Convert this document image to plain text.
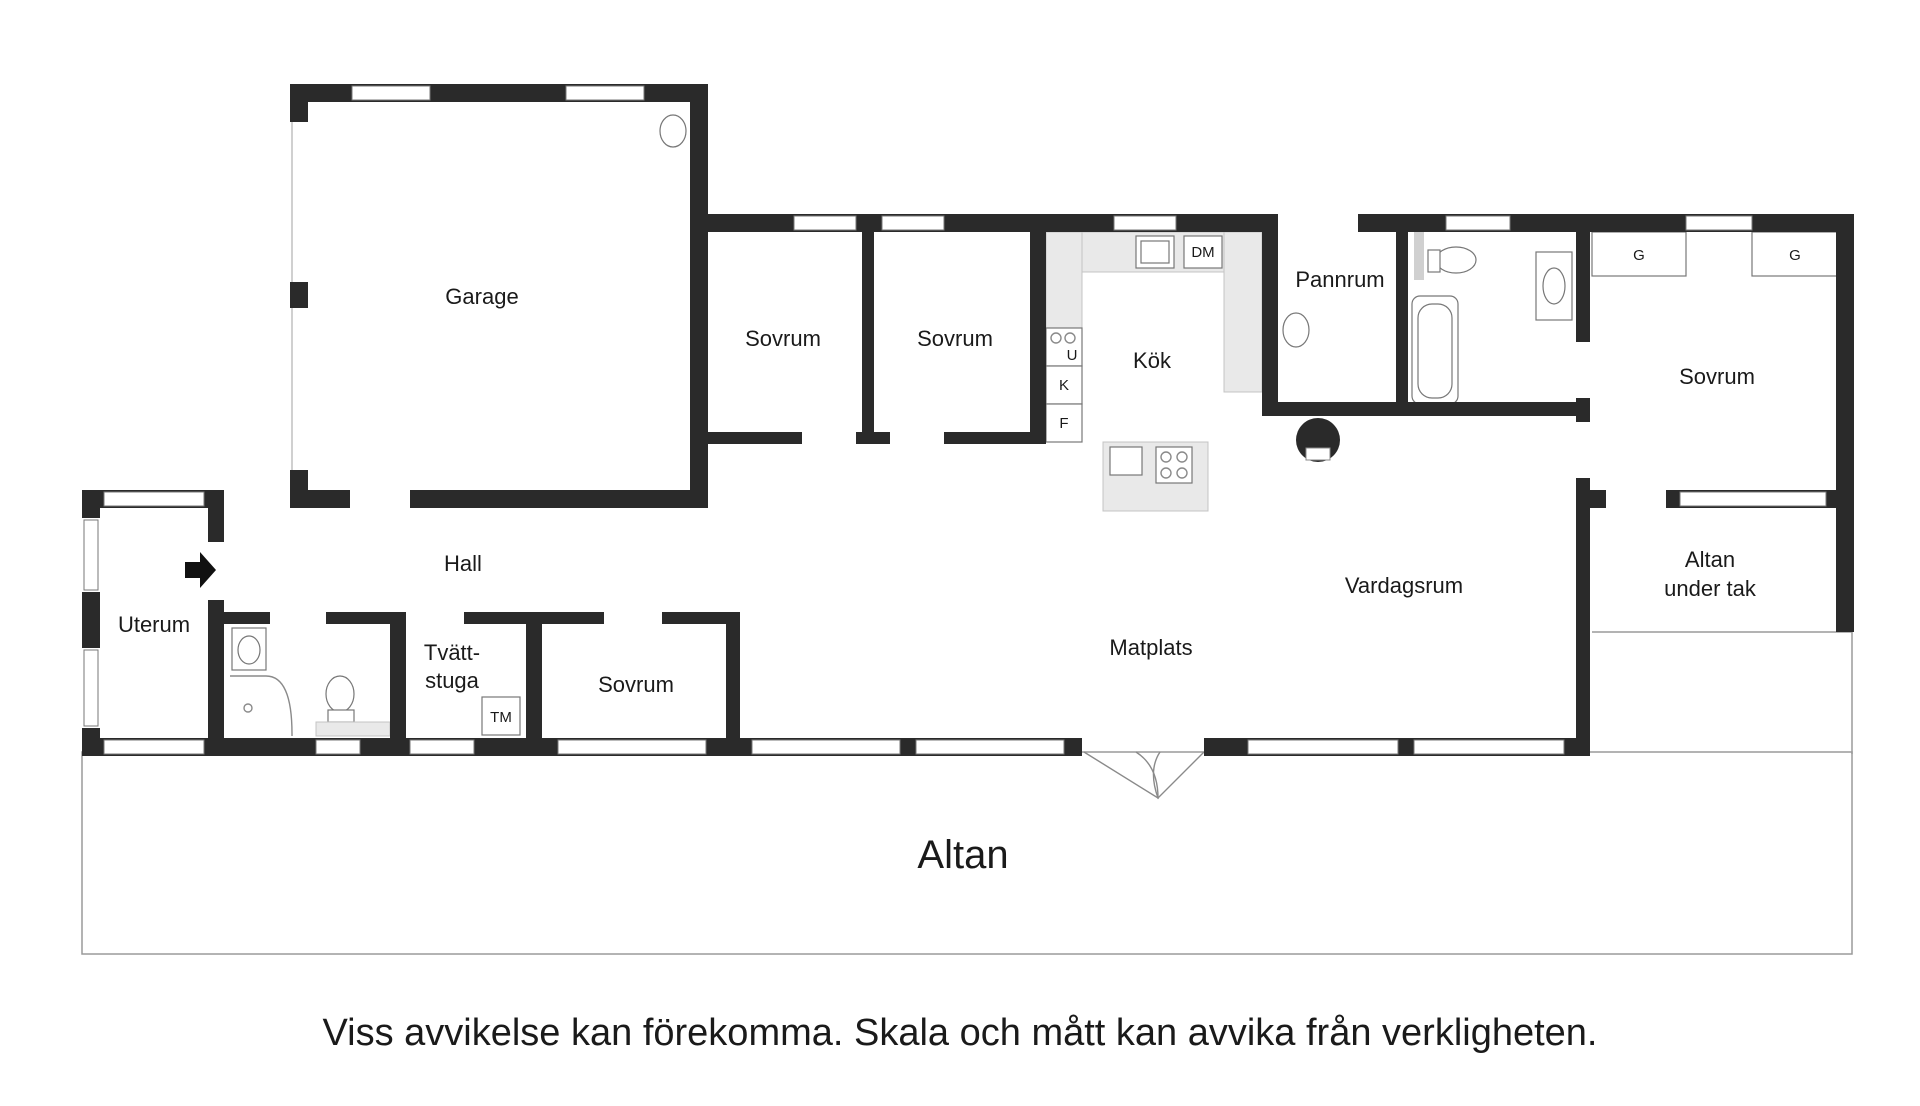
DM
U
K
F
G	G
TM
Garage
Sovrum	Sovrum
Kök
Pannrum
Sovrum
Hall
Uterum
Tvätt-
stuga	Sovrum
Matplats
Vardagsrum
Altan
under tak
Altan

Viss avvikelse kan förekomma. Skala och mått kan avvika från verkligheten.
